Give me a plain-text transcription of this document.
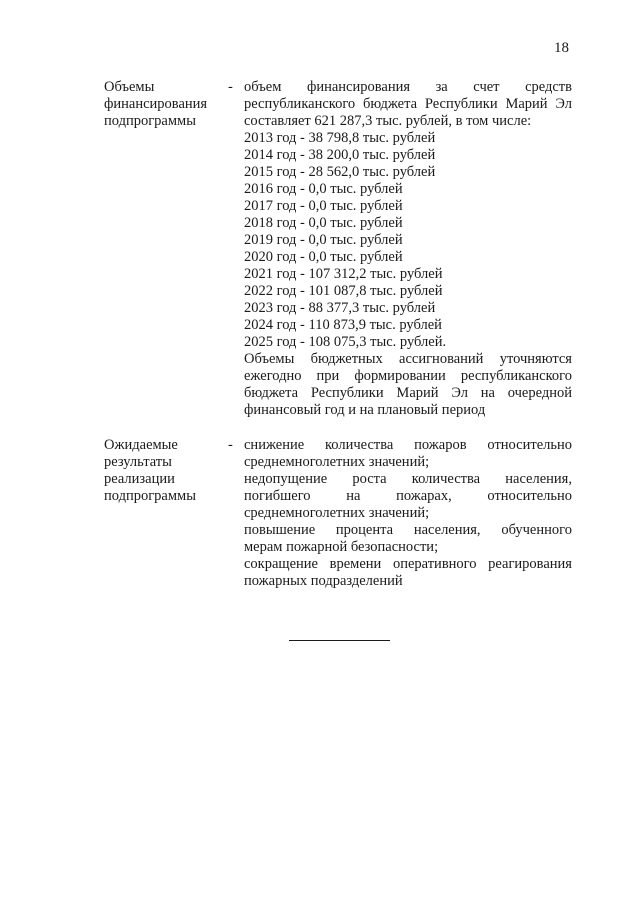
18
Объемы
финансирования
подпрограммы
- объем финансирования за счет средств
республиканского бюджета Республики Марий Эл
составляет 621 287,3 тыс. рублей, в том числе:
2013 год - 38 798,8 тыс. рублей
2014 год - 38 200,0 тыс. рублей
2015 год - 28 562,0 тыс. рублей
2016 год - 0,0 тыс. рублей
2017 год - 0,0 тыс. рублей
2018 год - 0,0 тыс. рублей
2019 год - 0,0 тыс. рублей
2020 год - 0,0 тыс. рублей
2021 год - 107 312,2 тыс. рублей
2022 год - 101 087,8 тыс. рублей
2023 год - 88 377,3 тыс. рублей
2024 год - 110 873,9 тыс. рублей
2025 год - 108 075,3 тыс. рублей.
Объемы бюджетных ассигнований уточняются
ежегодно при формировании республиканского
бюджета Республики Марий Эл на очередной
финансовый год и на плановый период
Ожидаемые
результаты
реализации
подпрограммы
- снижение количества пожаров относительно
среднемноголетних значений;
недопущение роста количества населения,
погибшего на пожарах, относительно
среднемноголетних значений;
повышение процента населения, обученного
мерам пожарной безопасности;
сокращение времени оперативного реагирования
пожарных подразделений
